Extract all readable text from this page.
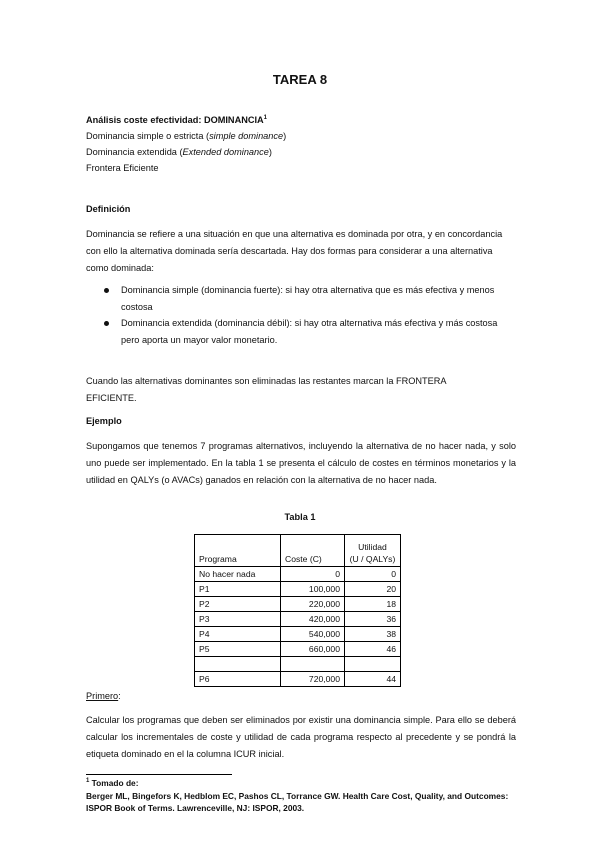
TAREA 8
Análisis coste efectividad: DOMINANCIA$^1$
Dominancia simple o estricta (simple dominance)
Dominancia extendida (Extended dominance)
Frontera Eficiente
Definición
Dominancia se refiere a una situación en que una alternativa es dominada por otra, y en concordancia con ello la alternativa dominada sería descartada. Hay dos formas para considerar a una alternativa como dominada:
Dominancia simple (dominancia fuerte): si hay otra alternativa que es más efectiva y menos costosa
Dominancia extendida (dominancia débil): si hay otra alternativa más efectiva y más costosa pero aporta un mayor valor monetario.
Cuando las alternativas dominantes son eliminadas las restantes marcan la FRONTERA EFICIENTE.
Ejemplo
Supongamos que tenemos 7 programas alternativos, incluyendo la alternativa de no hacer nada, y solo uno puede ser implementado. En la tabla 1 se presenta el cálculo de costes en términos monetarios y la utilidad en QALYs (o AVACs) ganados en relación con la alternativa de no hacer nada.
Tabla 1
Programa	Coste (C)	Utilidad
(U / QALYs)

No hacer nada	0	0
P1	100,000	20
P2	220,000	18
P3	420,000	36
P4	540,000	38
P5	660,000	46

P6	720,000	44
Primero:
Calcular los programas que deben ser eliminados por existir una dominancia simple. Para ello se deberá calcular los incrementales de coste y utilidad de cada programa respecto al precedente y se pondrá la etiqueta dominado en el la columna ICUR inicial.
$^1$ Tomado de:
Berger ML, Bingefors K, Hedblom EC, Pashos CL, Torrance GW. Health Care Cost, Quality, and Outcomes: ISPOR Book of Terms. Lawrenceville, NJ: ISPOR, 2003.
